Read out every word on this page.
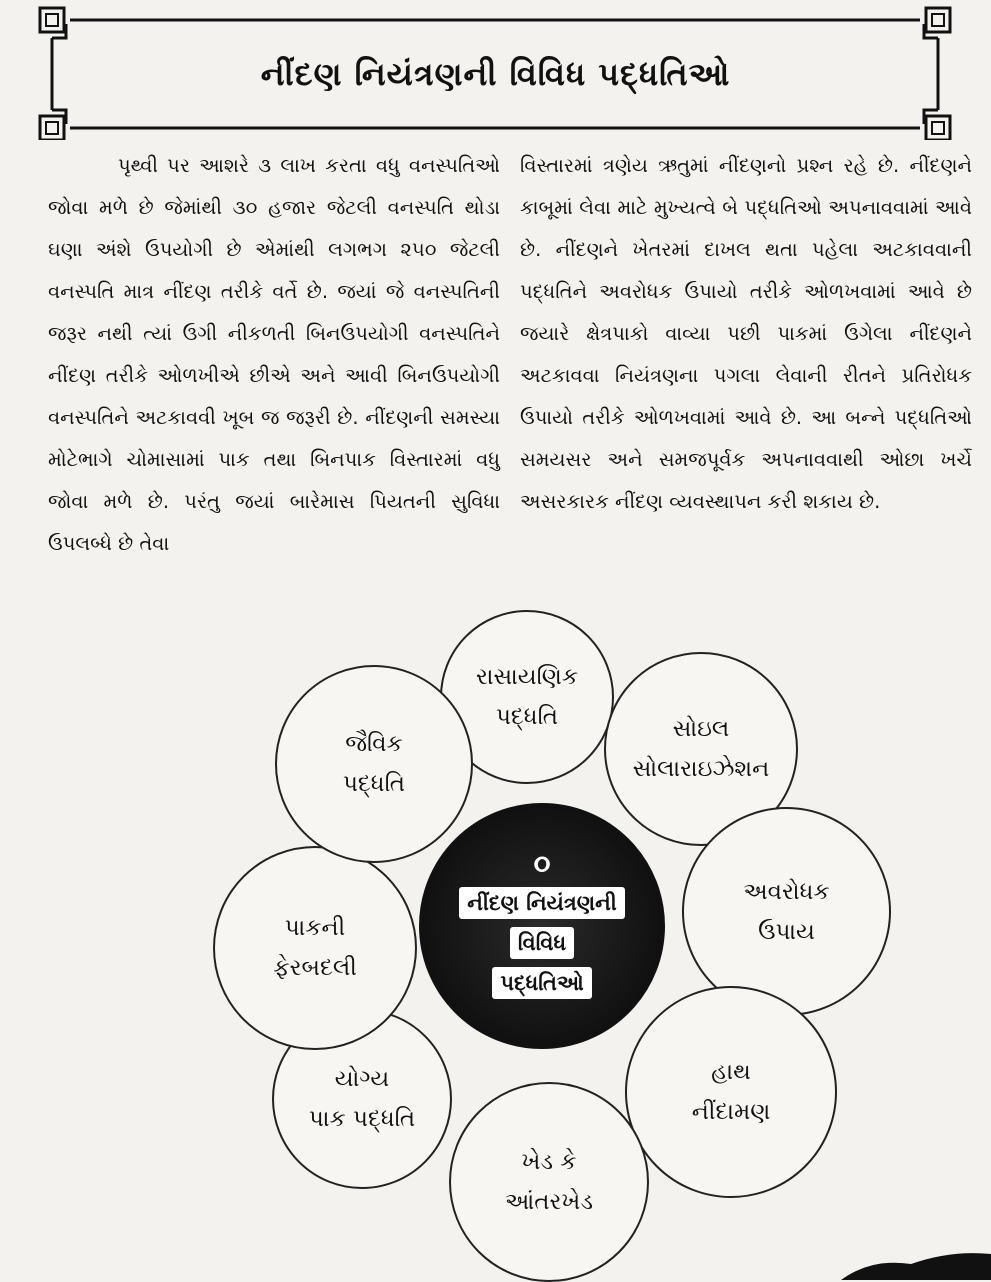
નીંદણ નિયંત્રણની વિવિધ પદ્ધતિઓ

પૃથ્વી પર આશરે ૩ લાખ કરતા વધુ વનસ્પતિઓ જોવા મળે છે જેમાંથી ૩૦ હજાર જેટલી વનસ્પતિ થોડા ઘણા અંશે ઉપયોગી છે એમાંથી લગભગ ૨૫૦ જેટલી વનસ્પતિ માત્ર નીંદણ તરીકે વર્તે છે. જયાં જે વનસ્પતિની જરૂર નથી ત્યાં ઉગી નીકળતી બિનઉપયોગી વનસ્પતિને નીંદણ તરીકે ઓળખીએ છીએ અને આવી બિનઉપયોગી વનસ્પતિને અટકાવવી ખૂબ જ જરૂરી છે. નીંદણની સમસ્યા મોટેભાગે ચોમાસામાં પાક તથા બિનપાક વિસ્તારમાં વધુ જોવા મળે છે. પરંતુ જયાં બારેમાસ પિયતની સુવિધા ઉપલબ્ધે છે તેવા

વિસ્તારમાં ત્રણેય ઋતુમાં નીંદણનો પ્રશ્ન રહે છે. નીંદણને કાબૂમાં લેવા માટે મુખ્યત્વે બે પદ્ધતિઓ અપનાવવામાં આવે છે. નીંદણને ખેતરમાં દાખલ થતા પહેલા અટકાવવાની પદ્ધતિને અવરોધક ઉપાયો તરીકે ઓળખવામાં આવે છે જયારે ક્ષેત્રપાકો વાવ્યા પછી પાકમાં ઉગેલા નીંદણને અટકાવવા નિયંત્રણના પગલા લેવાની રીતને પ્રતિરોધક ઉપાયો તરીકે ઓળખવામાં આવે છે. આ બન્ને પદ્ધતિઓ સમયસર અને સમજપૂર્વક અપનાવવાથી ઓછા ખર્ચે અસરકારક નીંદણ વ્યવસ્થાપન કરી શકાય છે.

રાસાયણિક
પદ્ધતિ	સોઇલ
સોલારાઇઝેશન
અવરોધક
ઉપાય
હાથ
નીંદામણ
ખેડ કે
આંતરખેડ
યોગ્ય
પાક પદ્ધતિ
પાકની
ફેરબદલી
જૈવિક
પદ્ધતિ
૦
નીંદણ નિયંત્રણની
વિવિધ
પદ્ધતિઓ
